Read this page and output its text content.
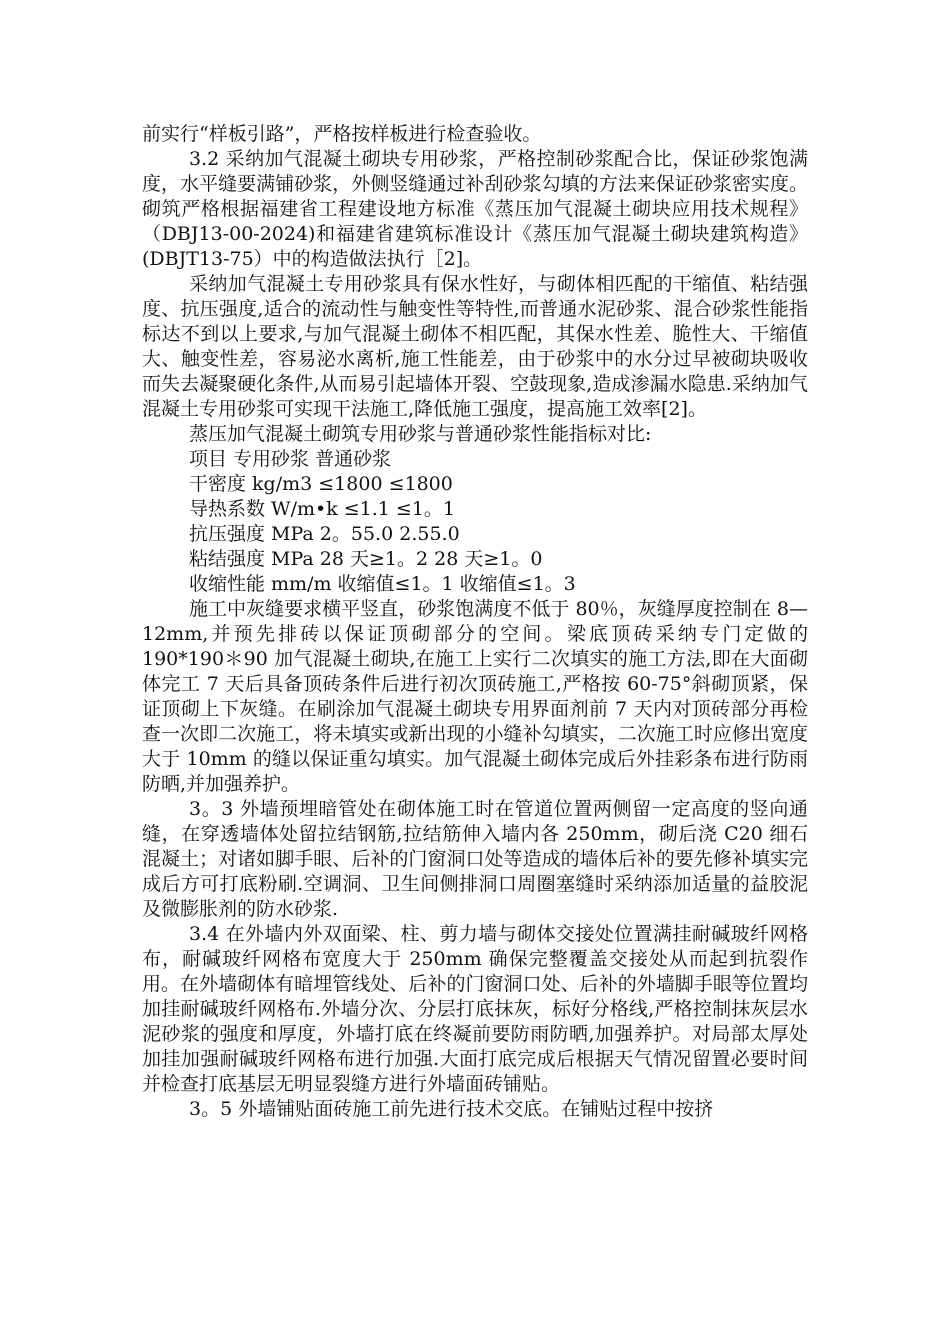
前实行“样板引路”，严格按样板进行检查验收。

3.2 采纳加气混凝土砌块专用砂浆，严格控制砂浆配合比，保证砂浆饱满度，水平缝要满铺砂浆，外侧竖缝通过补刮砂浆勾填的方法来保证砂浆密实度。砌筑严格根据福建省工程建设地方标准《蒸压加气混凝土砌块应用技术规程》（DBJ13-00-2024)和福建省建筑标准设计《蒸压加气混凝土砌块建筑构造》(DBJT13-75）中的构造做法执行［2]。

采纳加气混凝土专用砂浆具有保水性好，与砌体相匹配的干缩值、粘结强度、抗压强度,适合的流动性与触变性等特性,而普通水泥砂浆、混合砂浆性能指标达不到以上要求,与加气混凝土砌体不相匹配，其保水性差、脆性大、干缩值大、触变性差，容易泌水离析,施工性能差，由于砂浆中的水分过早被砌块吸收而失去凝聚硬化条件,从而易引起墙体开裂、空鼓现象,造成渗漏水隐患.采纳加气混凝土专用砂浆可实现干法施工,降低施工强度，提高施工效率[2]。

蒸压加气混凝土砌筑专用砂浆与普通砂浆性能指标对比:

项目 专用砂浆 普通砂浆

干密度 kg/m3 ≤1800 ≤1800

导热系数 W/m•k ≤1.1 ≤1。1

抗压强度 MPa 2。55.0 2.55.0

粘结强度 MPa 28 天≥1。2 28 天≥1。0

收缩性能 mm/m 收缩值≤1。1 收缩值≤1。3

施工中灰缝要求横平竖直，砂浆饱满度不低于 80％，灰缝厚度控制在 8— 12mm,并预先排砖以保证顶砌部分的空间。梁底顶砖采纳专门定做的 190*190＊90 加气混凝土砌块,在施工上实行二次填实的施工方法,即在大面砌体完工 7 天后具备顶砖条件后进行初次顶砖施工,严格按 60-75°斜砌顶紧，保证顶砌上下灰缝。在刷涂加气混凝土砌块专用界面剂前 7 天内对顶砖部分再检查一次即二次施工，将未填实或新出现的小缝补勾填实，二次施工时应修出宽度大于 10mm 的缝以保证重勾填实。加气混凝土砌体完成后外挂彩条布进行防雨防晒,并加强养护。

3。3 外墙预埋暗管处在砌体施工时在管道位置两侧留一定高度的竖向通缝，在穿透墙体处留拉结钢筋,拉结筋伸入墙内各 250mm，砌后浇 C20 细石混凝土；对诸如脚手眼、后补的门窗洞口处等造成的墙体后补的要先修补填实完成后方可打底粉刷.空调洞、卫生间侧排洞口周圈塞缝时采纳添加适量的益胶泥及微膨胀剂的防水砂浆.

3.4 在外墙内外双面梁、柱、剪力墙与砌体交接处位置满挂耐碱玻纤网格布，耐碱玻纤网格布宽度大于 250mm 确保完整覆盖交接处从而起到抗裂作用。在外墙砌体有暗埋管线处、后补的门窗洞口处、后补的外墙脚手眼等位置均加挂耐碱玻纤网格布.外墙分次、分层打底抹灰，标好分格线,严格控制抹灰层水泥砂浆的强度和厚度，外墙打底在终凝前要防雨防晒,加强养护。对局部太厚处加挂加强耐碱玻纤网格布进行加强.大面打底完成后根据天气情况留置必要时间并检查打底基层无明显裂缝方进行外墙面砖铺贴。

3。5 外墙铺贴面砖施工前先进行技术交底。在铺贴过程中按挤
